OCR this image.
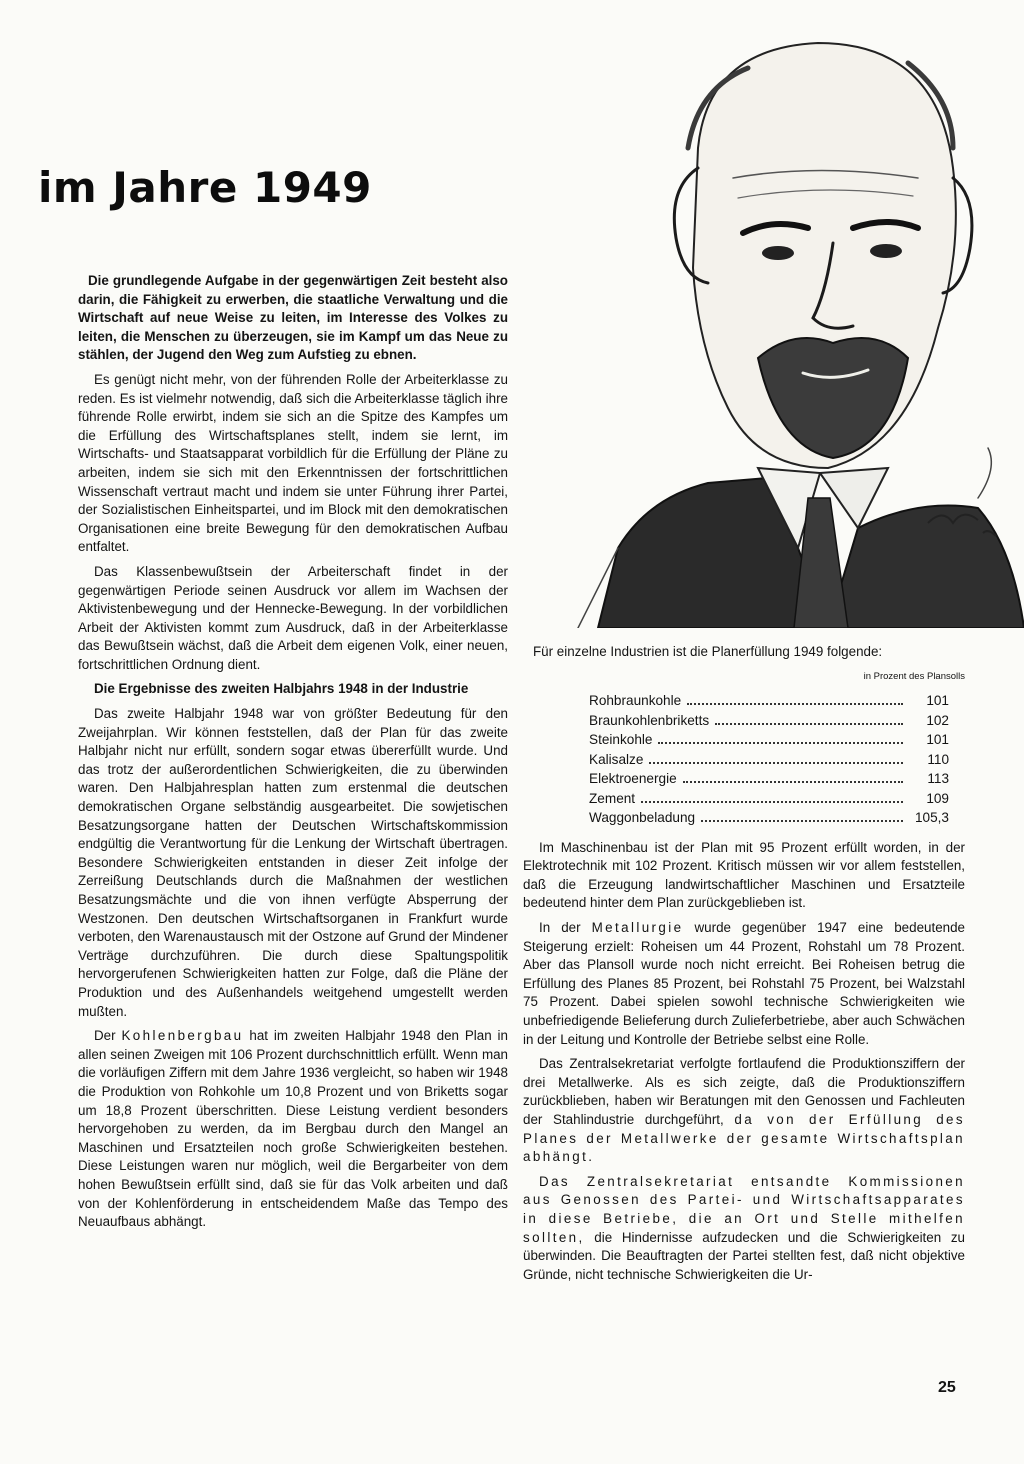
im Jahre 1949

Die grundlegende Aufgabe in der gegenwärtigen Zeit besteht also darin, die Fähigkeit zu erwerben, die staatliche Verwaltung und die Wirtschaft auf neue Weise zu leiten, im Interesse des Volkes zu leiten, die Menschen zu überzeugen, sie im Kampf um das Neue zu stählen, der Jugend den Weg zum Aufstieg zu ebnen.

Es genügt nicht mehr, von der führenden Rolle der Arbeiterklasse zu reden. Es ist vielmehr notwendig, daß sich die Arbeiterklasse täglich ihre führende Rolle erwirbt, indem sie sich an die Spitze des Kampfes um die Erfüllung des Wirtschaftsplanes stellt, indem sie lernt, im Wirtschafts- und Staatsapparat vorbildlich für die Erfüllung der Pläne zu arbeiten, indem sie sich mit den Erkenntnissen der fortschrittlichen Wissenschaft vertraut macht und indem sie unter Führung ihrer Partei, der Sozialistischen Einheitspartei, und im Block mit den demokratischen Organisationen eine breite Bewegung für den demokratischen Aufbau entfaltet.

Das Klassenbewußtsein der Arbeiterschaft findet in der gegenwärtigen Periode seinen Ausdruck vor allem im Wachsen der Aktivistenbewegung und der Hennecke-Bewegung. In der vorbildlichen Arbeit der Aktivisten kommt zum Ausdruck, daß in der Arbeiterklasse das Bewußtsein wächst, daß die Arbeit dem eigenen Volk, einer neuen, fortschrittlichen Ordnung dient.

Die Ergebnisse des zweiten Halbjahrs 1948 in der Industrie

Das zweite Halbjahr 1948 war von größter Bedeutung für den Zweijahrplan. Wir können feststellen, daß der Plan für das zweite Halbjahr nicht nur erfüllt, sondern sogar etwas übererfüllt wurde. Und das trotz der außerordentlichen Schwierigkeiten, die zu überwinden waren. Den Halbjahresplan hatten zum erstenmal die deutschen demokratischen Organe selbständig ausgearbeitet. Die sowjetischen Besatzungsorgane hatten der Deutschen Wirtschaftskommission endgültig die Verantwortung für die Lenkung der Wirtschaft übertragen. Besondere Schwierigkeiten entstanden in dieser Zeit infolge der Zerreißung Deutschlands durch die Maßnahmen der westlichen Besatzungsmächte und die von ihnen verfügte Absperrung der Westzonen. Den deutschen Wirtschaftsorganen in Frankfurt wurde verboten, den Warenaustausch mit der Ostzone auf Grund der Mindener Verträge durchzuführen. Die durch diese Spaltungspolitik hervorgerufenen Schwierigkeiten hatten zur Folge, daß die Pläne der Produktion und des Außenhandels weitgehend umgestellt werden mußten.

Der Kohlenbergbau hat im zweiten Halbjahr 1948 den Plan in allen seinen Zweigen mit 106 Prozent durchschnittlich erfüllt. Wenn man die vorläufigen Ziffern mit dem Jahre 1936 vergleicht, so haben wir 1948 die Produktion von Rohkohle um 10,8 Prozent und von Briketts sogar um 18,8 Prozent überschritten. Diese Leistung verdient besonders hervorgehoben zu werden, da im Bergbau durch den Mangel an Maschinen und Ersatzteilen noch große Schwierigkeiten bestehen. Diese Leistungen waren nur möglich, weil die Bergarbeiter von dem hohen Bewußtsein erfüllt sind, daß sie für das Volk arbeiten und daß von der Kohlenförderung in entscheidendem Maße das Tempo des Neuaufbaus abhängt.

Für einzelne Industrien ist die Planerfüllung 1949 folgende:

in Prozent des Plansolls

Rohbraunkohle	101
Braunkohlenbriketts	102
Steinkohle	101
Kalisalze	110
Elektroenergie	113
Zement	109
Waggonbeladung	105,3

Im Maschinenbau ist der Plan mit 95 Prozent erfüllt worden, in der Elektrotechnik mit 102 Prozent. Kritisch müssen wir vor allem feststellen, daß die Erzeugung landwirtschaftlicher Maschinen und Ersatzteile bedeutend hinter dem Plan zurückgeblieben ist.

In der Metallurgie wurde gegenüber 1947 eine bedeutende Steigerung erzielt: Roheisen um 44 Prozent, Rohstahl um 78 Prozent. Aber das Plansoll wurde noch nicht erreicht. Bei Roheisen betrug die Erfüllung des Planes 85 Prozent, bei Rohstahl 75 Prozent, bei Walzstahl 75 Prozent. Dabei spielen sowohl technische Schwierigkeiten wie unbefriedigende Belieferung durch Zulieferbetriebe, aber auch Schwächen in der Leitung und Kontrolle der Betriebe selbst eine Rolle.

Das Zentralsekretariat verfolgte fortlaufend die Produktionsziffern der drei Metallwerke. Als es sich zeigte, daß die Produktionsziffern zurückblieben, haben wir Beratungen mit den Genossen und Fachleuten der Stahlindustrie durchgeführt, da von der Erfüllung des Planes der Metallwerke der gesamte Wirtschaftsplan abhängt.

Das Zentralsekretariat entsandte Kommissionen aus Genossen des Partei- und Wirtschaftsapparates in diese Betriebe, die an Ort und Stelle mithelfen sollten, die Hindernisse aufzudecken und die Schwierigkeiten zu überwinden. Die Beauftragten der Partei stellten fest, daß nicht objektive Gründe, nicht technische Schwierigkeiten die Ur-

25
